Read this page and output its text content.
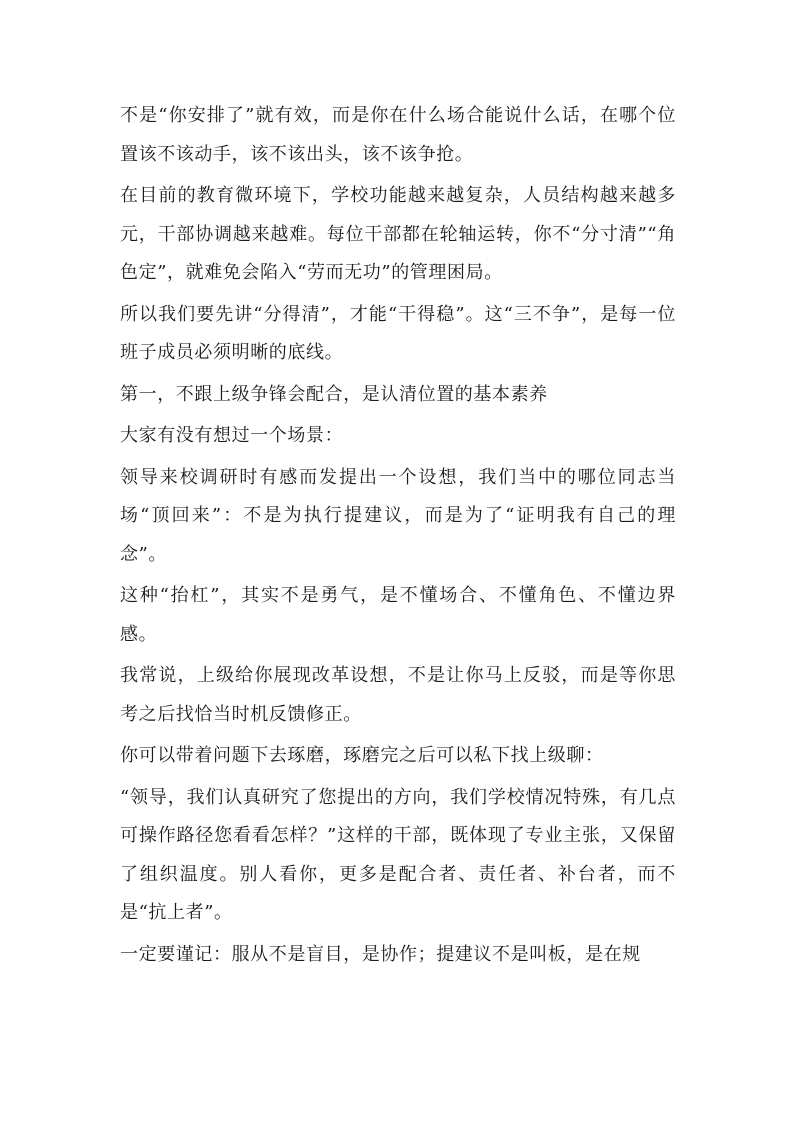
不是“你安排了”就有效，而是你在什么场合能说什么话，在哪个位置该不该动手，该不该出头，该不该争抢。

在目前的教育微环境下，学校功能越来越复杂，人员结构越来越多元，干部协调越来越难。每位干部都在轮轴运转，你不“分寸清”“角色定”，就难免会陷入“劳而无功”的管理困局。

所以我们要先讲“分得清”，才能“干得稳”。这“三不争”，是每一位班子成员必须明晰的底线。

第一，不跟上级争锋会配合，是认清位置的基本素养

大家有没有想过一个场景：

领导来校调研时有感而发提出一个设想，我们当中的哪位同志当场“顶回来”：不是为执行提建议，而是为了“证明我有自己的理念”。

这种“抬杠”，其实不是勇气，是不懂场合、不懂角色、不懂边界感。

我常说，上级给你展现改革设想，不是让你马上反驳，而是等你思考之后找恰当时机反馈修正。

你可以带着问题下去琢磨，琢磨完之后可以私下找上级聊：

“领导，我们认真研究了您提出的方向，我们学校情况特殊，有几点可操作路径您看看怎样？”这样的干部，既体现了专业主张，又保留了组织温度。别人看你，更多是配合者、责任者、补台者，而不是“抗上者”。

一定要谨记：服从不是盲目，是协作；提建议不是叫板，是在规
